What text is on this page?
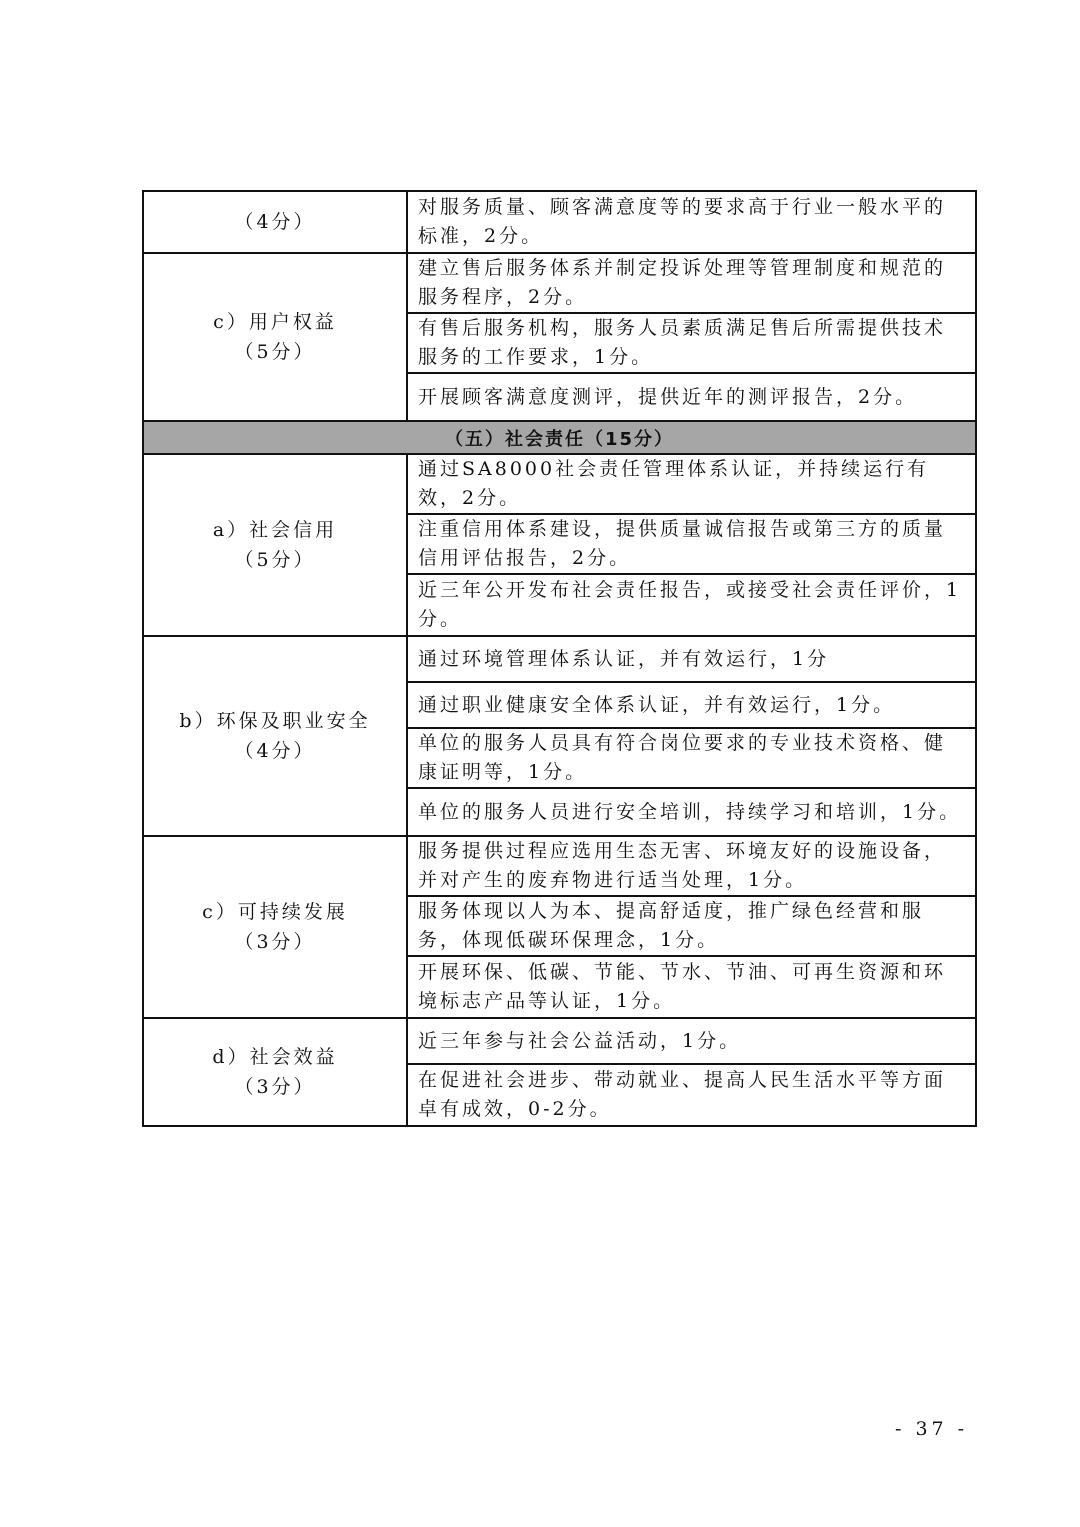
（4分）
对服务质量、顾客满意度等的要求高于行业一般水平的标准，2分。
c）用户权益
（5分）
建立售后服务体系并制定投诉处理等管理制度和规范的服务程序，2分。
有售后服务机构，服务人员素质满足售后所需提供技术服务的工作要求，1分。
开展顾客满意度测评，提供近年的测评报告，2分。
（五）社会责任（15分）
a）社会信用
（5分）
通过SA8000社会责任管理体系认证，并持续运行有效，2分。
注重信用体系建设，提供质量诚信报告或第三方的质量信用评估报告，2分。
近三年公开发布社会责任报告，或接受社会责任评价，1分。
b）环保及职业安全
（4分）
通过环境管理体系认证，并有效运行，1分
通过职业健康安全体系认证，并有效运行，1分。
单位的服务人员具有符合岗位要求的专业技术资格、健康证明等，1分。
单位的服务人员进行安全培训，持续学习和培训，1分。
c）可持续发展
（3分）
服务提供过程应选用生态无害、环境友好的设施设备，并对产生的废弃物进行适当处理，1分。
服务体现以人为本、提高舒适度，推广绿色经营和服务，体现低碳环保理念，1分。
开展环保、低碳、节能、节水、节油、可再生资源和环境标志产品等认证，1分。
d）社会效益
（3分）
近三年参与社会公益活动，1分。
在促进社会进步、带动就业、提高人民生活水平等方面卓有成效，0-2分。
- 37 -
